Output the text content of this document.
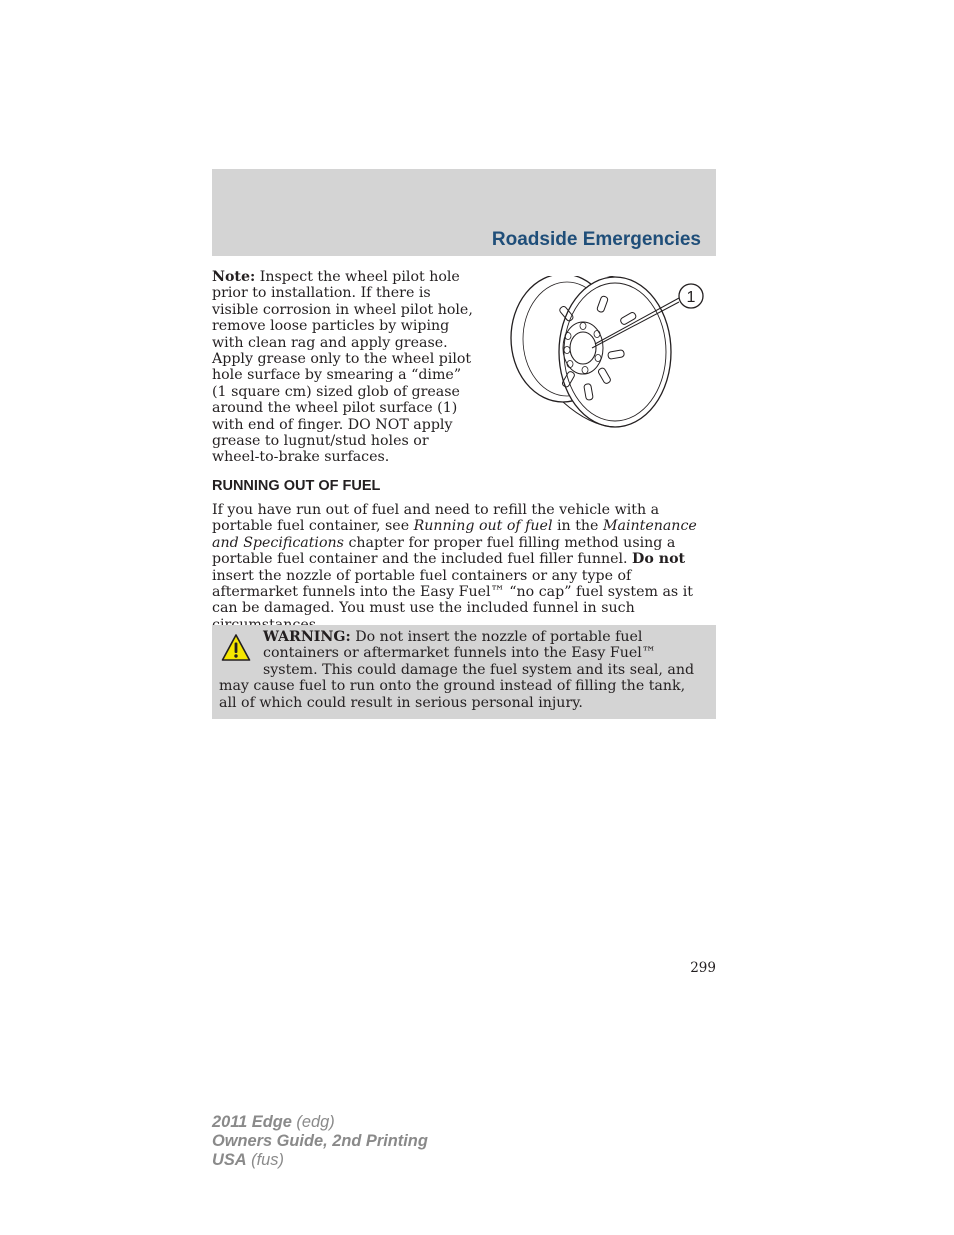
Roadside Emergencies
Note: Inspect the wheel pilot hole prior to installation. If there is visible corrosion in wheel pilot hole, remove loose particles by wiping with clean rag and apply grease. Apply grease only to the wheel pilot hole surface by smearing a “dime” (1 square cm) sized glob of grease around the wheel pilot surface (1) with end of finger. DO NOT apply grease to lugnut/stud holes or wheel-to-brake surfaces.
1
RUNNING OUT OF FUEL
If you have run out of fuel and need to refill the vehicle with a portable fuel container, see Running out of fuel in the Maintenance and Specifications chapter for proper fuel filling method using a portable fuel container and the included fuel filler funnel. Do not insert the nozzle of portable fuel containers or any type of aftermarket funnels into the Easy Fuel™ “no cap” fuel system as it can be damaged. You must use the included funnel in such
WARNING: Do not insert the nozzle of portable fuel containers or aftermarket funnels into the Easy Fuel™ system. This could damage the fuel system and its seal, and may cause fuel to run onto the ground instead of filling the tank, all of which could result in serious personal injury.
299
2011 Edge (edg)
Owners Guide, 2nd Printing
USA (fus)
